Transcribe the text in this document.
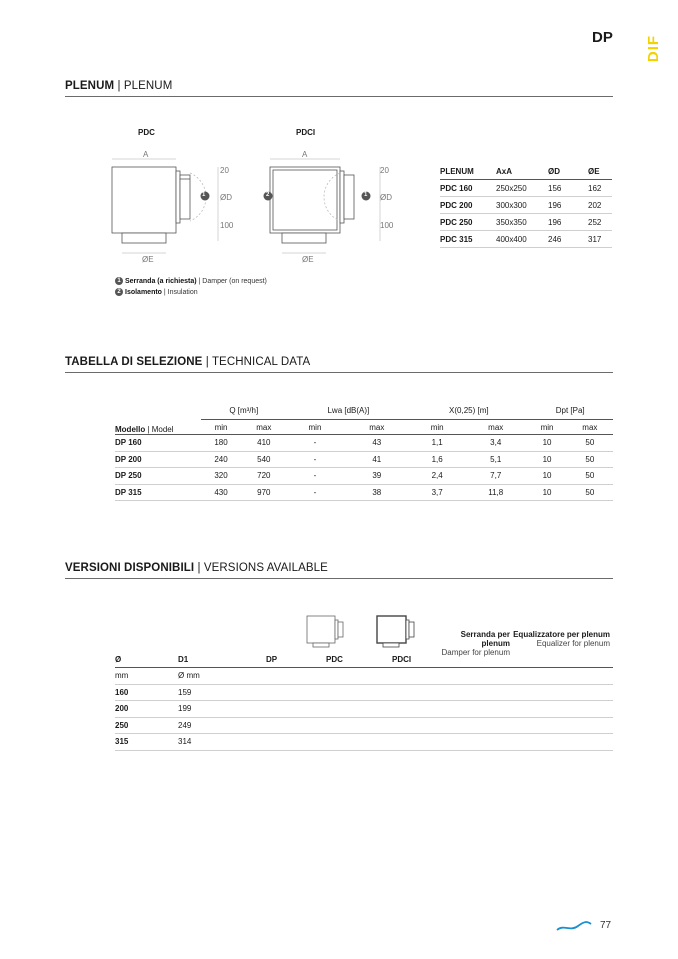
DP DIF
PLENUM | PLENUM
PDC	PDCI
A
20
ØD
100
ØE
1
A
20
ØD
100
ØE
2	1
1 Serranda (a richiesta) | Damper (on request)
2 Isolamento | Insulation
PLENUM	AxA	ØD	ØE
PDC 160	250x250	156	162
PDC 200	300x300	196	202
PDC 250	350x350	196	252
PDC 315	400x400	246	317
TABELLA DI SELEZIONE | TECHNICAL DATA
Modello | Model	Q [m³/h]		Lwa [dB(A)]		X(0,25) [m]		Dpt [Pa]	
	min	max	min	max	min	max	min	max
DP 160	180	410	-	43	1,1	3,4	10	50
DP 200	240	540	-	41	1,6	5,1	10	50
DP 250	320	720	-	39	2,4	7,7	10	50
DP 315	430	970	-	38	3,7	11,8	10	50
VERSIONI DISPONIBILI | VERSIONS AVAILABLE
Serranda per plenum
Damper for plenum
Equalizzatore per plenum
Equalizer for plenum
Ø	D1	DP	PDC	PDCI
mm	Ø mm			
160	159			
200	199			
250	249			
315	314			
77
